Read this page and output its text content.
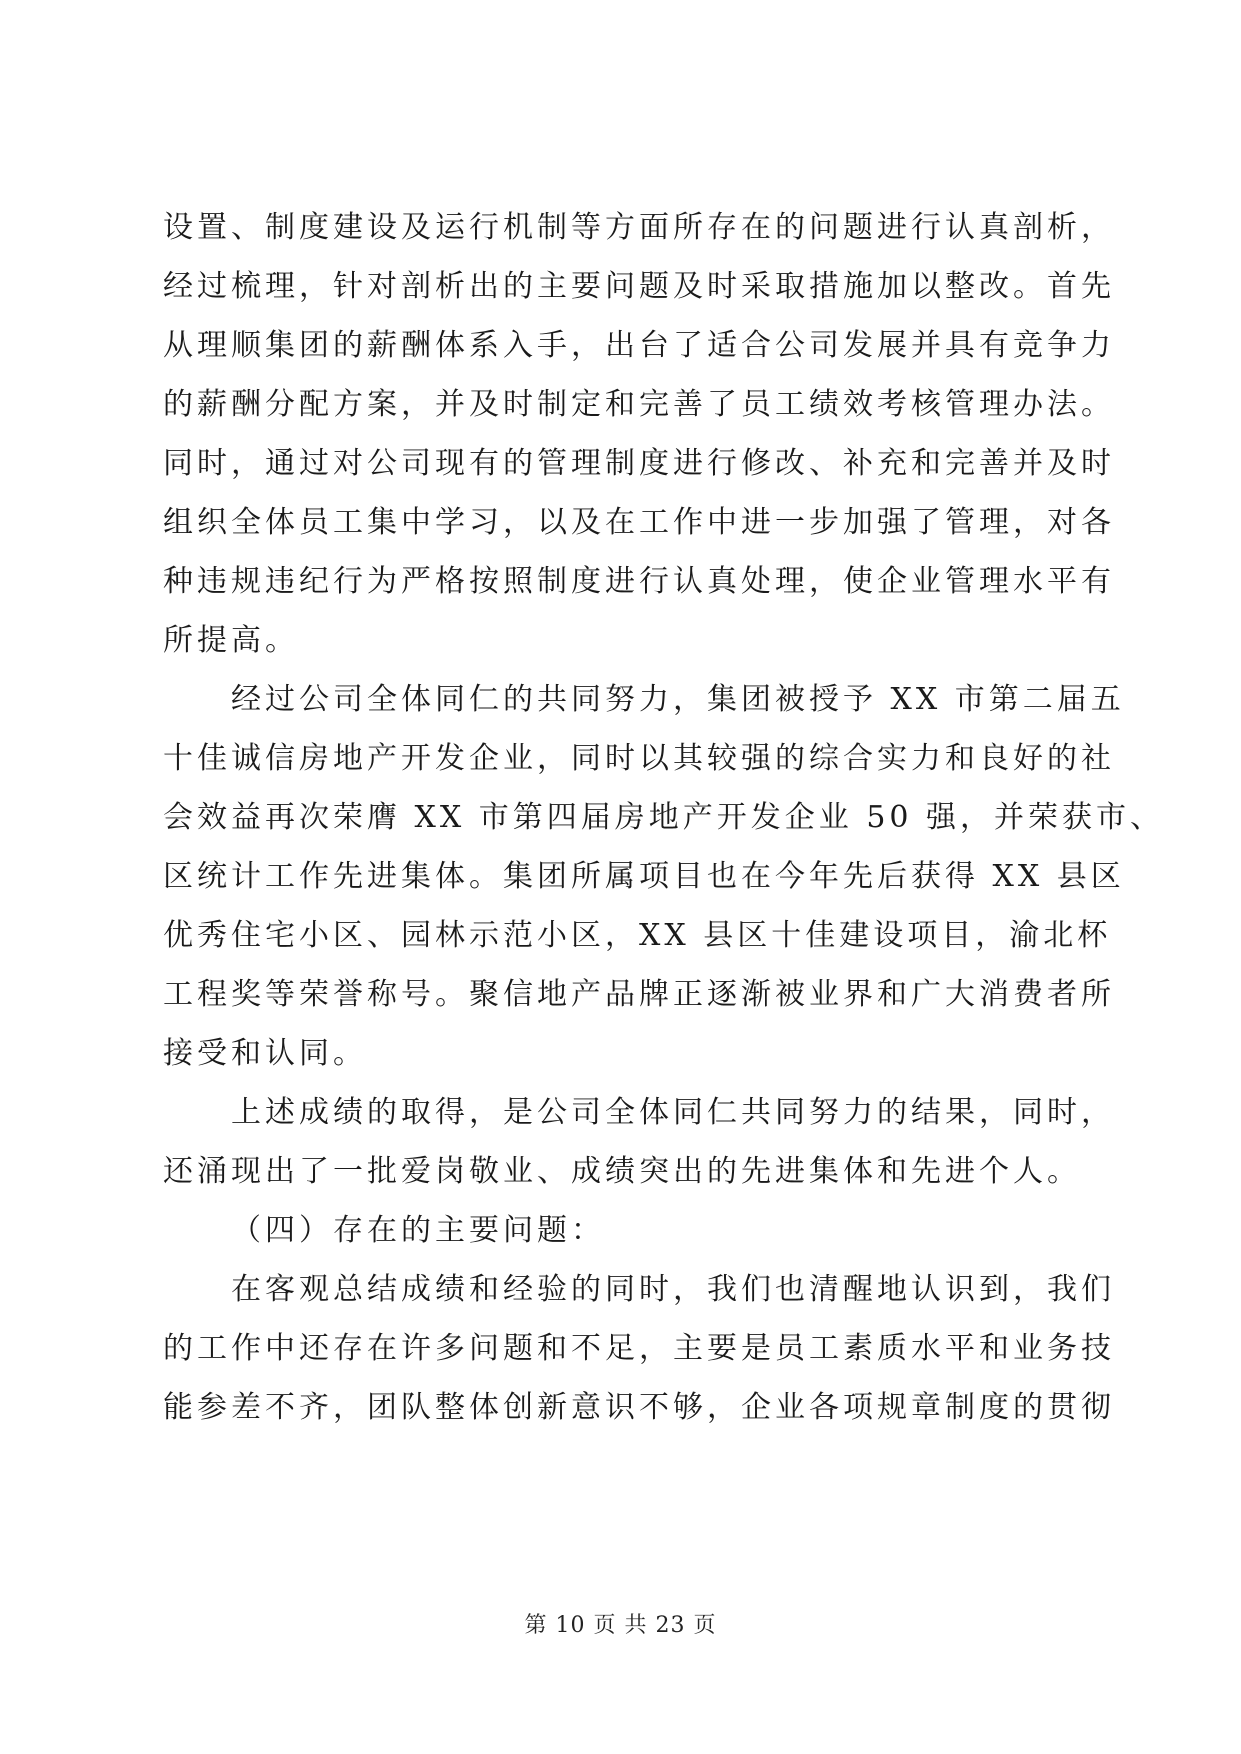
设置、制度建设及运行机制等方面所存在的问题进行认真剖析，
经过梳理，针对剖析出的主要问题及时采取措施加以整改。首先
从理顺集团的薪酬体系入手，出台了适合公司发展并具有竞争力
的薪酬分配方案，并及时制定和完善了员工绩效考核管理办法。
同时，通过对公司现有的管理制度进行修改、补充和完善并及时
组织全体员工集中学习，以及在工作中进一步加强了管理，对各
种违规违纪行为严格按照制度进行认真处理，使企业管理水平有
所提高。

经过公司全体同仁的共同努力，集团被授予 XX 市第二届五
十佳诚信房地产开发企业，同时以其较强的综合实力和良好的社
会效益再次荣膺 XX 市第四届房地产开发企业 50 强，并荣获市、
区统计工作先进集体。集团所属项目也在今年先后获得 XX 县区
优秀住宅小区、园林示范小区，XX 县区十佳建设项目，渝北杯
工程奖等荣誉称号。聚信地产品牌正逐渐被业界和广大消费者所
接受和认同。

上述成绩的取得，是公司全体同仁共同努力的结果，同时，
还涌现出了一批爱岗敬业、成绩突出的先进集体和先进个人。

（四）存在的主要问题：

在客观总结成绩和经验的同时，我们也清醒地认识到，我们
的工作中还存在许多问题和不足，主要是员工素质水平和业务技
能参差不齐，团队整体创新意识不够，企业各项规章制度的贯彻

第 10 页 共 23 页
